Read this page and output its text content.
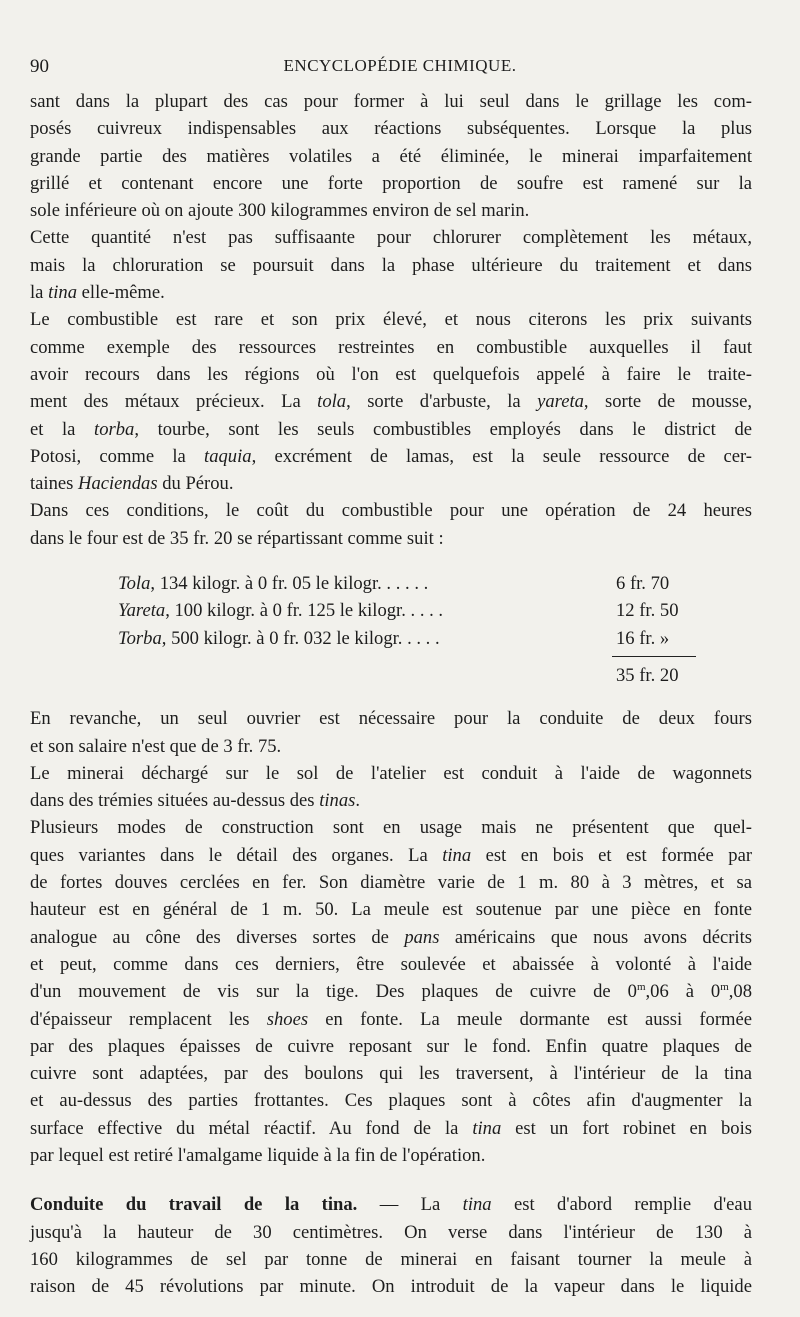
90	ENCYCLOPÉDIE CHIMIQUE.

sant dans la plupart des cas pour former à lui seul dans le grillage les com-
posés cuivreux indispensables aux réactions subséquentes. Lorsque la plus
grande partie des matières volatiles a été éliminée, le minerai imparfaitement
grillé et contenant encore une forte proportion de soufre est ramené sur la
sole inférieure où on ajoute 300 kilogrammes environ de sel marin.

Cette quantité n'est pas suffisaante pour chlorurer complètement les métaux,
mais la chloruration se poursuit dans la phase ultérieure du traitement et dans
la tina elle-même.

Le combustible est rare et son prix élevé, et nous citerons les prix suivants
comme exemple des ressources restreintes en combustible auxquelles il faut
avoir recours dans les régions où l'on est quelquefois appelé à faire le traite-
ment des métaux précieux. La tola, sorte d'arbuste, la yareta, sorte de mousse,
et la torba, tourbe, sont les seuls combustibles employés dans le district de
Potosi, comme la taquia, excrément de lamas, est la seule ressource de cer-
taines Haciendas du Pérou.

Dans ces conditions, le coût du combustible pour une opération de 24 heures
dans le four est de 35 fr. 20 se répartissant comme suit :

Tola, 134 kilogr. à 0 fr. 05 le kilogr. . . . . .	6 fr. 70
Yareta, 100 kilogr. à 0 fr. 125 le kilogr. . . . .	12 fr. 50
Torba, 500 kilogr. à 0 fr. 032 le kilogr. . . . .	16 fr. »
35 fr. 20

En revanche, un seul ouvrier est nécessaire pour la conduite de deux fours
et son salaire n'est que de 3 fr. 75.

Le minerai déchargé sur le sol de l'atelier est conduit à l'aide de wagonnets
dans des trémies situées au-dessus des tinas.

Plusieurs modes de construction sont en usage mais ne présentent que quel-
ques variantes dans le détail des organes. La tina est en bois et est formée par
de fortes douves cerclées en fer. Son diamètre varie de 1 m. 80 à 3 mètres, et sa
hauteur est en général de 1 m. 50. La meule est soutenue par une pièce en fonte
analogue au cône des diverses sortes de pans américains que nous avons décrits
et peut, comme dans ces derniers, être soulevée et abaissée à volonté à l'aide
d'un mouvement de vis sur la tige. Des plaques de cuivre de 0$^m$,06 à 0$^m$,08
d'épaisseur remplacent les shoes en fonte. La meule dormante est aussi formée
par des plaques épaisses de cuivre reposant sur le fond. Enfin quatre plaques de
cuivre sont adaptées, par des boulons qui les traversent, à l'intérieur de la tina
et au-dessus des parties frottantes. Ces plaques sont à côtes afin d'augmenter la
surface effective du métal réactif. Au fond de la tina est un fort robinet en bois
par lequel est retiré l'amalgame liquide à la fin de l'opération.

Conduite du travail de la tina. — La tina est d'abord remplie d'eau
jusqu'à la hauteur de 30 centimètres. On verse dans l'intérieur de 130 à
160 kilogrammes de sel par tonne de minerai en faisant tourner la meule à
raison de 45 révolutions par minute. On introduit de la vapeur dans le liquide
